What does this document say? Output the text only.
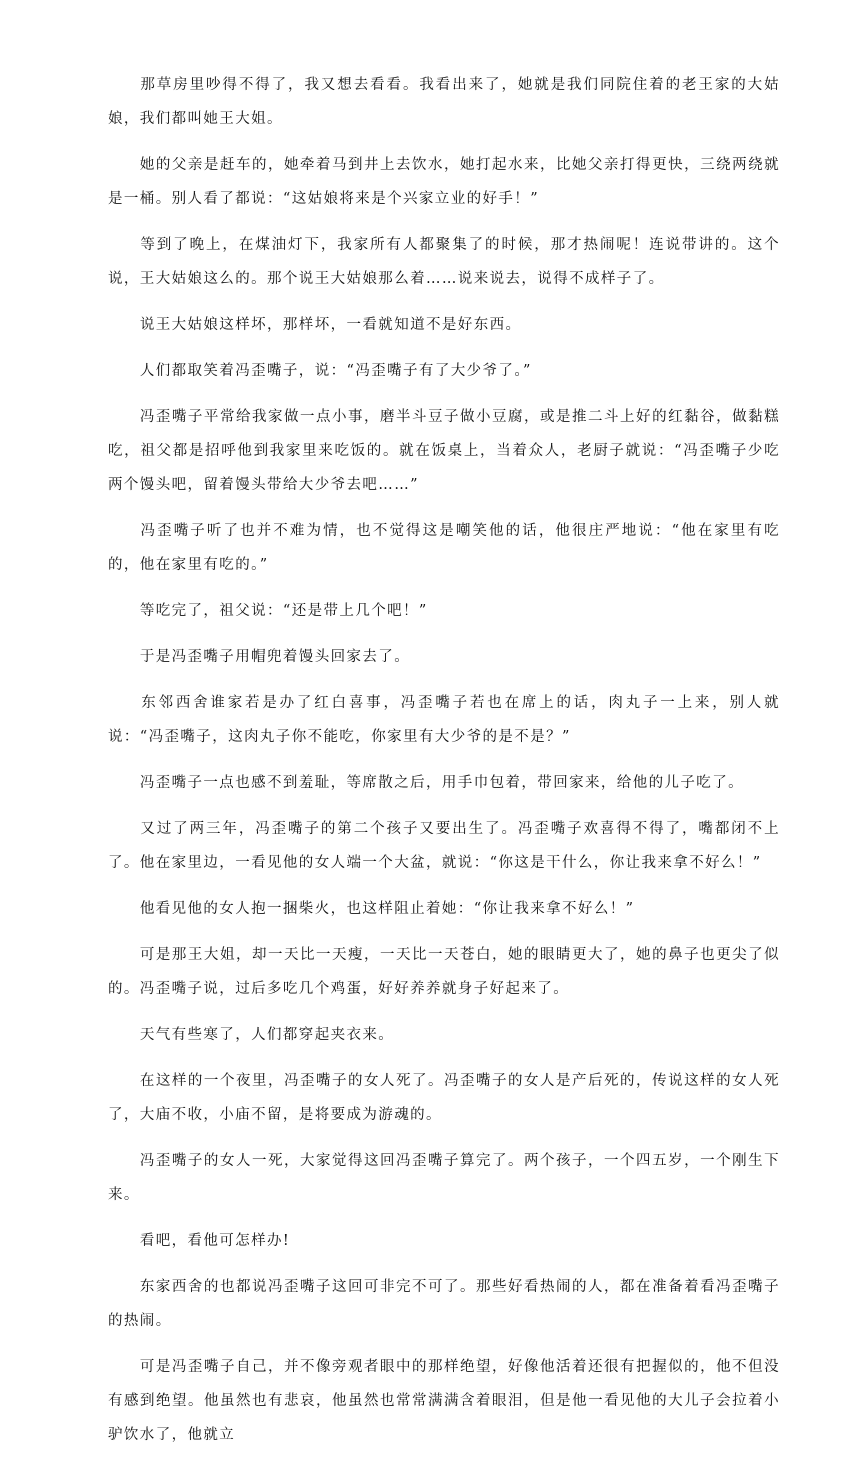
  那草房里吵得不得了，我又想去看看。我看出来了，她就是我们同院住着的老王家的大姑娘，我们都叫她王大姐。

  她的父亲是赶车的，她牵着马到井上去饮水，她打起水来，比她父亲打得更快，三绕两绕就是一桶。别人看了都说：“这姑娘将来是个兴家立业的好手！”

  等到了晚上，在煤油灯下，我家所有人都聚集了的时候，那才热闹呢！连说带讲的。这个说，王大姑娘这么的。那个说王大姑娘那么着……说来说去，说得不成样子了。

  说王大姑娘这样坏，那样坏，一看就知道不是好东西。

  人们都取笑着冯歪嘴子，说：“冯歪嘴子有了大少爷了。”

  冯歪嘴子平常给我家做一点小事，磨半斗豆子做小豆腐，或是推二斗上好的红黏谷，做黏糕吃，祖父都是招呼他到我家里来吃饭的。就在饭桌上，当着众人，老厨子就说：“冯歪嘴子少吃两个馒头吧，留着馒头带给大少爷去吧……”

  冯歪嘴子听了也并不难为情，也不觉得这是嘲笑他的话，他很庄严地说：“他在家里有吃的，他在家里有吃的。”

  等吃完了，祖父说：“还是带上几个吧！”

  于是冯歪嘴子用帽兜着馒头回家去了。

  东邻西舍谁家若是办了红白喜事，冯歪嘴子若也在席上的话，肉丸子一上来，别人就说：“冯歪嘴子，这肉丸子你不能吃，你家里有大少爷的是不是？”

  冯歪嘴子一点也感不到羞耻，等席散之后，用手巾包着，带回家来，给他的儿子吃了。

  又过了两三年，冯歪嘴子的第二个孩子又要出生了。冯歪嘴子欢喜得不得了，嘴都闭不上了。他在家里边，一看见他的女人端一个大盆，就说：“你这是干什么，你让我来拿不好么！”

  他看见他的女人抱一捆柴火，也这样阻止着她：“你让我来拿不好么！”

  可是那王大姐，却一天比一天瘦，一天比一天苍白，她的眼睛更大了，她的鼻子也更尖了似的。冯歪嘴子说，过后多吃几个鸡蛋，好好养养就身子好起来了。

  天气有些寒了，人们都穿起夹衣来。

  在这样的一个夜里，冯歪嘴子的女人死了。冯歪嘴子的女人是产后死的，传说这样的女人死了，大庙不收，小庙不留，是将要成为游魂的。

  冯歪嘴子的女人一死，大家觉得这回冯歪嘴子算完了。两个孩子，一个四五岁，一个刚生下来。

  看吧，看他可怎样办!

  东家西舍的也都说冯歪嘴子这回可非完不可了。那些好看热闹的人，都在准备着看冯歪嘴子的热闹。

  可是冯歪嘴子自己，并不像旁观者眼中的那样绝望，好像他活着还很有把握似的，他不但没有感到绝望。他虽然也有悲哀，他虽然也常常满满含着眼泪，但是他一看见他的大儿子会拉着小驴饮水了，他就立
